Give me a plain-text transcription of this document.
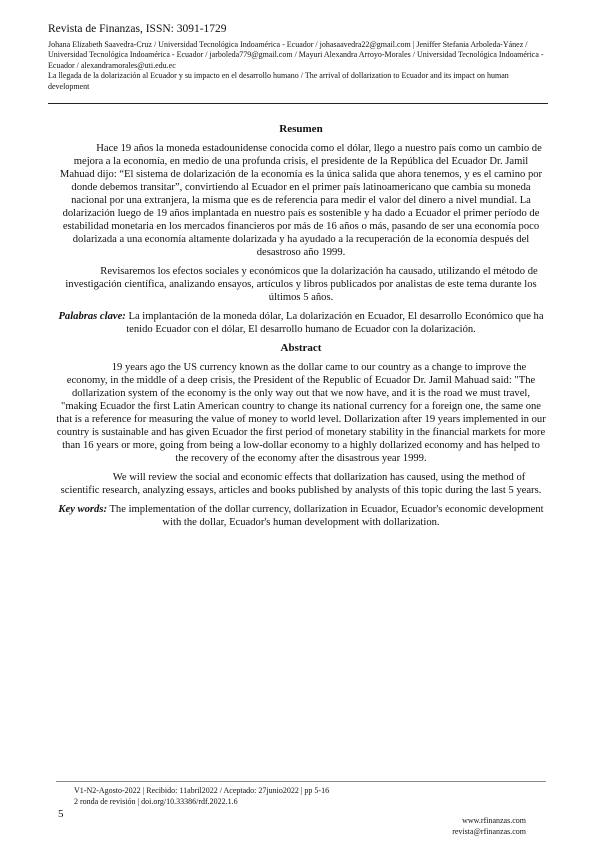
Revista de Finanzas, ISSN: 3091-1729

Johana Elizabeth Saavedra-Cruz / Universidad Tecnológica Indoamérica - Ecuador / johasaavedra22@gmail.com | Jeniffer Stefania Arboleda-Yánez / Universidad Tecnológica Indoamérica - Ecuador / jarboleda779@gmail.com / Mayuri Alexandra Arroyo-Morales / Universidad Tecnológica Indoamérica - Ecuador / alexandramorales@uti.edu.ec

La llegada de la dolarización al Ecuador y su impacto en el desarrollo humano / The arrival of dollarization to Ecuador and its impact on human development

Resumen

Hace 19 años la moneda estadounidense conocida como el dólar, llego a nuestro país como un cambio de mejora a la economía, en medio de una profunda crisis, el presidente de la República del Ecuador Dr. Jamil Mahuad dijo: “El sistema de dolarización de la economía es la única salida que ahora tenemos, y es el camino por donde debemos transitar”, convirtiendo al Ecuador en el primer país latinoamericano que cambia su moneda nacional por una extranjera, la misma que es de referencia para medir el valor del dinero a nivel mundial. La dolarización luego de 19 años implantada en nuestro país es sostenible y ha dado a Ecuador el primer período de estabilidad monetaria en los mercados financieros por más de 16 años o más, pasando de ser una economía poco dolarizada a una economía altamente dolarizada y ha ayudado a la recuperación de la economía después del desastroso año 1999.

Revisaremos los efectos sociales y económicos que la dolarización ha causado, utilizando el método de investigación científica, analizando ensayos, artículos y libros publicados por analistas de este tema durante los últimos 5 años.

Palabras clave: La implantación de la moneda dólar, La dolarización en Ecuador, El desarrollo Económico que ha tenido Ecuador con el dólar, El desarrollo humano de Ecuador con la dolarización.

Abstract

19 years ago the US currency known as the dollar came to our country as a change to improve the economy, in the middle of a deep crisis, the President of the Republic of Ecuador Dr. Jamil Mahuad said: "The dollarization system of the economy is the only way out that we now have, and it is the road we must travel, "making Ecuador the first Latin American country to change its national currency for a foreign one, the same one that is a reference for measuring the value of money to world level. Dollarization after 19 years implemented in our country is sustainable and has given Ecuador the first period of monetary stability in the financial markets for more than 16 years or more, going from being a low-dollar economy to a highly dollarized economy and has helped to the recovery of the economy after the disastrous year 1999.

We will review the social and economic effects that dollarization has caused, using the method of scientific research, analyzing essays, articles and books published by analysts of this topic during the last 5 years.

Key words: The implementation of the dollar currency, dollarization in Ecuador, Ecuador's economic development with the dollar, Ecuador's human development with dollarization.

V1-N2-Agosto-2022 | Recibido: 11abril2022 / Aceptado: 27junio2022 | pp 5-16
2 ronda de revisión | doi.org/10.33386/rdf.2022.1.6
5
www.rfinanzas.com
revista@rfinanzas.com
